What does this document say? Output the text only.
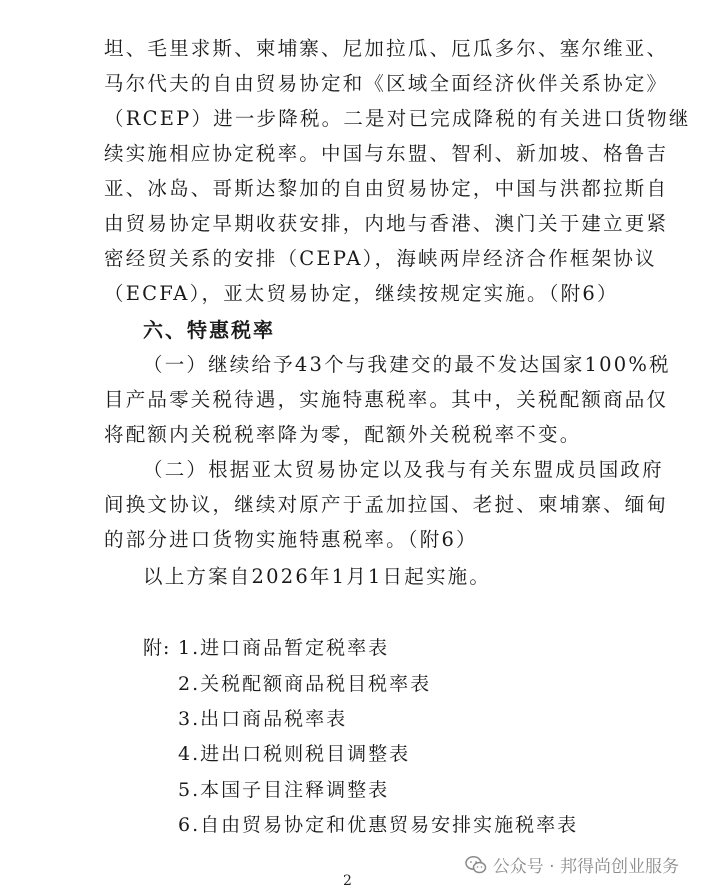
坦、毛里求斯、柬埔寨、尼加拉瓜、厄瓜多尔、塞尔维亚、
马尔代夫的自由贸易协定和《区域全面经济伙伴关系协定》
（RCEP）进一步降税。二是对已完成降税的有关进口货物继
续实施相应协定税率。中国与东盟、智利、新加坡、格鲁吉
亚、冰岛、哥斯达黎加的自由贸易协定，中国与洪都拉斯自
由贸易协定早期收获安排，内地与香港、澳门关于建立更紧
密经贸关系的安排（CEPA），海峡两岸经济合作框架协议
（ECFA），亚太贸易协定，继续按规定实施。（附6）
六、特惠税率
（一）继续给予43个与我建交的最不发达国家100%税
目产品零关税待遇，实施特惠税率。其中，关税配额商品仅
将配额内关税税率降为零，配额外关税税率不变。
（二）根据亚太贸易协定以及我与有关东盟成员国政府
间换文协议，继续对原产于孟加拉国、老挝、柬埔寨、缅甸
的部分进口货物实施特惠税率。（附6）
以上方案自2026年1月1日起实施。
附: 1.进口商品暂定税率表
2.关税配额商品税目税率表
3.出口商品税率表
4.进出口税则税目调整表
5.本国子目注释调整表
6.自由贸易协定和优惠贸易安排实施税率表
公众号 · 邦得尚创业服务
2
